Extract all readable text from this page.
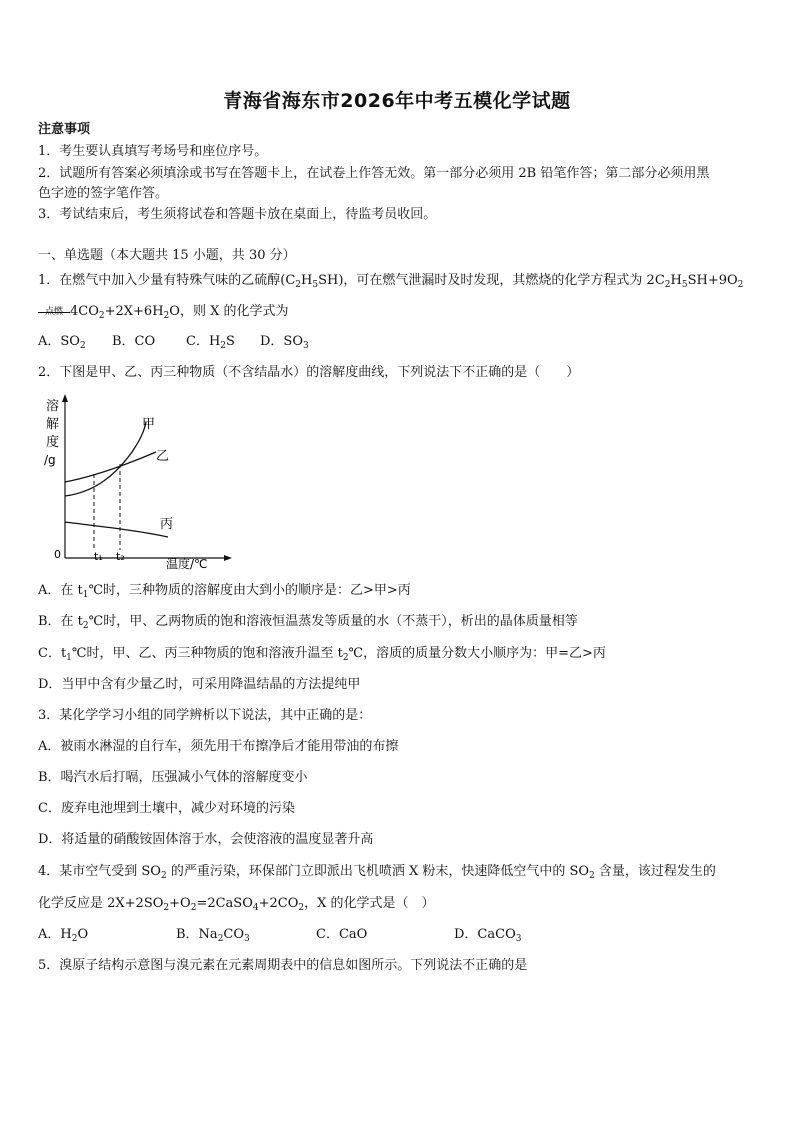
青海省海东市2026年中考五模化学试题
注意事项
1．考生要认真填写考场号和座位序号。
2．试题所有答案必须填涂或书写在答题卡上，在试卷上作答无效。第一部分必须用 2B 铅笔作答；第二部分必须用黑
色字迹的签字笔作答。
3．考试结束后，考生须将试卷和答题卡放在桌面上，待监考员收回。
一、单选题（本大题共 15 小题，共 30 分）
1．在燃气中加入少量有特殊气味的乙硫醇$(C_2H_5SH)$，可在燃气泄漏时及时发现，其燃烧的化学方程式为 $2C_2H_5SH+9O_2$
点燃 $4CO_2+2X+6H_2O$，则 X 的化学式为
A．$SO_2$ B．CO C．$H_2S$ D．$SO_3$
2．下图是甲、乙、丙三种物质（不含结晶水）的溶解度曲线，下列说法下不正确的是（　　）
溶
解
度
/g
0	t₁ t₂
温度/℃
甲
乙
丙
A．在 $t_1℃$时，三种物质的溶解度由大到小的顺序是：乙>甲>丙
B．在 $t_2℃$时，甲、乙两物质的饱和溶液恒温蒸发等质量的水（不蒸干），析出的晶体质量相等
C．$t_1℃$时，甲、乙、丙三种物质的饱和溶液升温至 $t_2℃$，溶质的质量分数大小顺序为：甲=乙>丙
D．当甲中含有少量乙时，可采用降温结晶的方法提纯甲
3．某化学学习小组的同学辨析以下说法，其中正确的是：
A．被雨水淋湿的自行车，须先用干布擦净后才能用带油的布擦
B．喝汽水后打嗝，压强减小气体的溶解度变小
C．废弃电池埋到土壤中，减少对环境的污染
D．将适量的硝酸铵固体溶于水，会使溶液的温度显著升高
4．某市空气受到 $SO_2$ 的严重污染，环保部门立即派出飞机喷洒 X 粉末，快速降低空气中的 $SO_2$ 含量，该过程发生的
化学反应是 $2X+2SO_2+O_2=2CaSO_4+2CO_2$，X 的化学式是（　）
A．$H_2O$	B．$Na_2CO_3$	C．CaO	D．CaCO$_3$
5．溴原子结构示意图与溴元素在元素周期表中的信息如图所示。下列说法不正确的是
